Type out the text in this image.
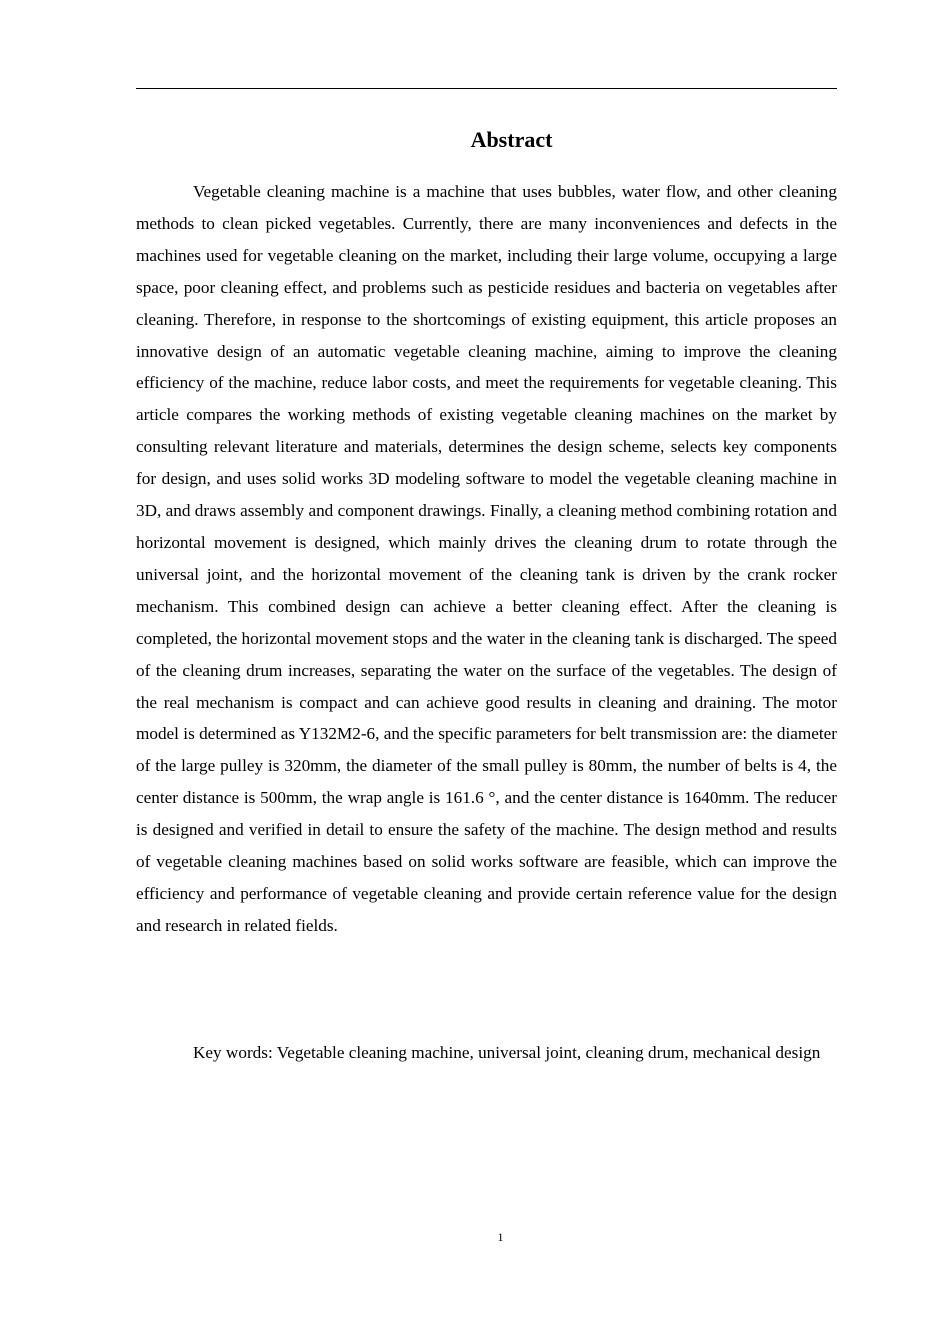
Abstract

Vegetable cleaning machine is a machine that uses bubbles, water flow, and other cleaning methods to clean picked vegetables. Currently, there are many inconveniences and defects in the machines used for vegetable cleaning on the market, including their large volume, occupying a large space, poor cleaning effect, and problems such as pesticide residues and bacteria on vegetables after cleaning. Therefore, in response to the shortcomings of existing equipment, this article proposes an innovative design of an automatic vegetable cleaning machine, aiming to improve the cleaning efficiency of the machine, reduce labor costs, and meet the requirements for vegetable cleaning. This article compares the working methods of existing vegetable cleaning machines on the market by consulting relevant literature and materials, determines the design scheme, selects key components for design, and uses solid works 3D modeling software to model the vegetable cleaning machine in 3D, and draws assembly and component drawings. Finally, a cleaning method combining rotation and horizontal movement is designed, which mainly drives the cleaning drum to rotate through the universal joint, and the horizontal movement of the cleaning tank is driven by the crank rocker mechanism. This combined design can achieve a better cleaning effect. After the cleaning is completed, the horizontal movement stops and the water in the cleaning tank is discharged. The speed of the cleaning drum increases, separating the water on the surface of the vegetables. The design of the real mechanism is compact and can achieve good results in cleaning and draining. The motor model is determined as Y132M2-6, and the specific parameters for belt transmission are: the diameter of the large pulley is 320mm, the diameter of the small pulley is 80mm, the number of belts is 4, the center distance is 500mm, the wrap angle is 161.6 °, and the center distance is 1640mm. The reducer is designed and verified in detail to ensure the safety of the machine. The design method and results of vegetable cleaning machines based on solid works software are feasible, which can improve the efficiency and performance of vegetable cleaning and provide certain reference value for the design and research in related fields.

Key words: Vegetable cleaning machine, universal joint, cleaning drum, mechanical design

1
